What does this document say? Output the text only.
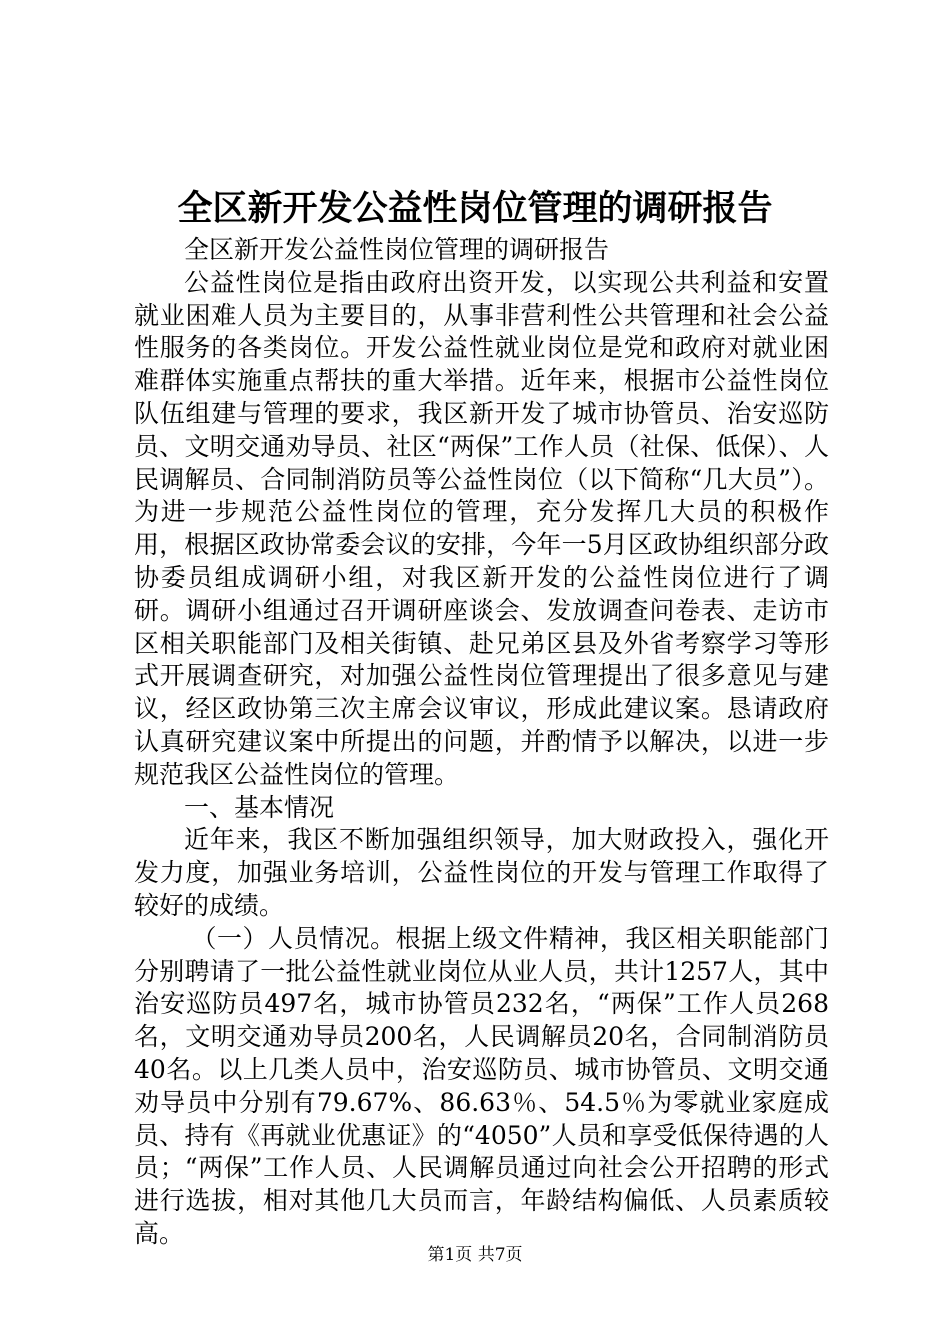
全区新开发公益性岗位管理的调研报告

全区新开发公益性岗位管理的调研报告

公益性岗位是指由政府出资开发，以实现公共利益和安置就业困难人员为主要目的，从事非营利性公共管理和社会公益性服务的各类岗位。开发公益性就业岗位是党和政府对就业困难群体实施重点帮扶的重大举措。近年来，根据市公益性岗位队伍组建与管理的要求，我区新开发了城市协管员、治安巡防员、文明交通劝导员、社区“两保”工作人员（社保、低保）、人民调解员、合同制消防员等公益性岗位（以下简称“几大员”）。为进一步规范公益性岗位的管理，充分发挥几大员的积极作用，根据区政协常委会议的安排，今年一5月区政协组织部分政协委员组成调研小组，对我区新开发的公益性岗位进行了调研。调研小组通过召开调研座谈会、发放调查问卷表、走访市区相关职能部门及相关街镇、赴兄弟区县及外省考察学习等形式开展调查研究，对加强公益性岗位管理提出了很多意见与建议，经区政协第三次主席会议审议，形成此建议案。恳请政府认真研究建议案中所提出的问题，并酌情予以解决，以进一步规范我区公益性岗位的管理。

一、基本情况

近年来，我区不断加强组织领导，加大财政投入，强化开发力度，加强业务培训，公益性岗位的开发与管理工作取得了较好的成绩。

（一）人员情况。根据上级文件精神，我区相关职能部门分别聘请了一批公益性就业岗位从业人员，共计1257人，其中治安巡防员497名，城市协管员232名，“两保”工作人员268名，文明交通劝导员200名，人民调解员20名，合同制消防员40名。以上几类人员中，治安巡防员、城市协管员、文明交通劝导员中分别有79.67%、86.63％、54.5％为零就业家庭成员、持有《再就业优惠证》的“4050”人员和享受低保待遇的人员；“两保”工作人员、人民调解员通过向社会公开招聘的形式进行选拔，相对其他几大员而言，年龄结构偏低、人员素质较高。

第1页 共7页
